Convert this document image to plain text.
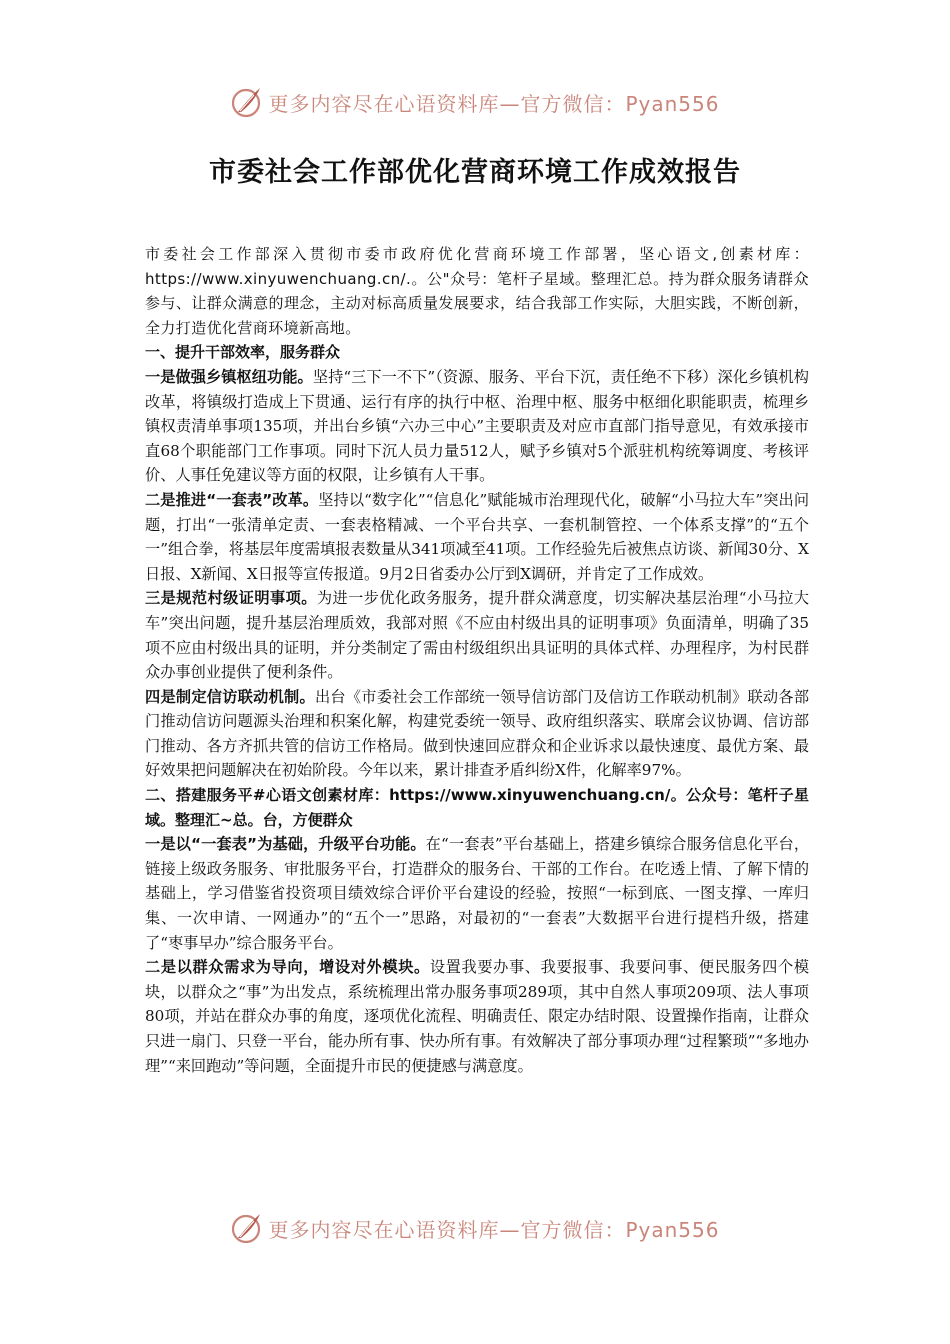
更多内容尽在心语资料库—官方微信：Pyan556
市委社会工作部优化营商环境工作成效报告

市委社会工作部深入贯彻市委市政府优化营商环境工作部署，坚心语文,创素材库：https://www.xinyuwenchuang.cn/.。公"众号：笔杆子星域。整理汇总。持为群众服务请群众参与、让群众满意的理念，主动对标高质量发展要求，结合我部工作实际，大胆实践，不断创新，全力打造优化营商环境新高地。

一、提升干部效率，服务群众

一是做强乡镇枢纽功能。坚持“三下一不下”（资源、服务、平台下沉，责任绝不下移）深化乡镇机构改革，将镇级打造成上下贯通、运行有序的执行中枢、治理中枢、服务中枢细化职能职责，梳理乡镇权责清单事项135项，并出台乡镇“六办三中心”主要职责及对应市直部门指导意见，有效承接市直68个职能部门工作事项。同时下沉人员力量512人，赋予乡镇对5个派驻机构统筹调度、考核评价、人事任免建议等方面的权限，让乡镇有人干事。

二是推进“一套表”改革。坚持以“数字化”“信息化”赋能城市治理现代化，破解“小马拉大车”突出问题，打出“一张清单定责、一套表格精减、一个平台共享、一套机制管控、一个体系支撑”的“五个一”组合拳，将基层年度需填报表数量从341项减至41项。工作经验先后被焦点访谈、新闻30分、X日报、X新闻、X日报等宣传报道。9月2日省委办公厅到X调研，并肯定了工作成效。

三是规范村级证明事项。为进一步优化政务服务，提升群众满意度，切实解决基层治理“小马拉大车”突出问题，提升基层治理质效，我部对照《不应由村级出具的证明事项》负面清单，明确了35项不应由村级出具的证明，并分类制定了需由村级组织出具证明的具体式样、办理程序，为村民群众办事创业提供了便利条件。

四是制定信访联动机制。出台《市委社会工作部统一领导信访部门及信访工作联动机制》联动各部门推动信访问题源头治理和积案化解，构建党委统一领导、政府组织落实、联席会议协调、信访部门推动、各方齐抓共管的信访工作格局。做到快速回应群众和企业诉求以最快速度、最优方案、最好效果把问题解决在初始阶段。今年以来，累计排查矛盾纠纷X件，化解率97%。

二、搭建服务平#心语文创素材库：https://www.xinyuwenchuang.cn/。公众号：笔杆子星域。整理汇~总。台，方便群众

一是以“一套表”为基础，升级平台功能。在“一套表”平台基础上，搭建乡镇综合服务信息化平台，链接上级政务服务、审批服务平台，打造群众的服务台、干部的工作台。在吃透上情、了解下情的基础上，学习借鉴省投资项目绩效综合评价平台建设的经验，按照“一标到底、一图支撑、一库归集、一次申请、一网通办”的“五个一”思路，对最初的“一套表”大数据平台进行提档升级，搭建了“枣事早办”综合服务平台。

二是以群众需求为导向，增设对外模块。设置我要办事、我要报事、我要问事、便民服务四个模块，以群众之“事”为出发点，系统梳理出常办服务事项289项，其中自然人事项209项、法人事项80项，并站在群众办事的角度，逐项优化流程、明确责任、限定办结时限、设置操作指南，让群众只进一扇门、只登一平台，能办所有事、快办所有事。有效解决了部分事项办理“过程繁琐”“多地办理”“来回跑动”等问题，全面提升市民的便捷感与满意度。

更多内容尽在心语资料库—官方微信：Pyan556
